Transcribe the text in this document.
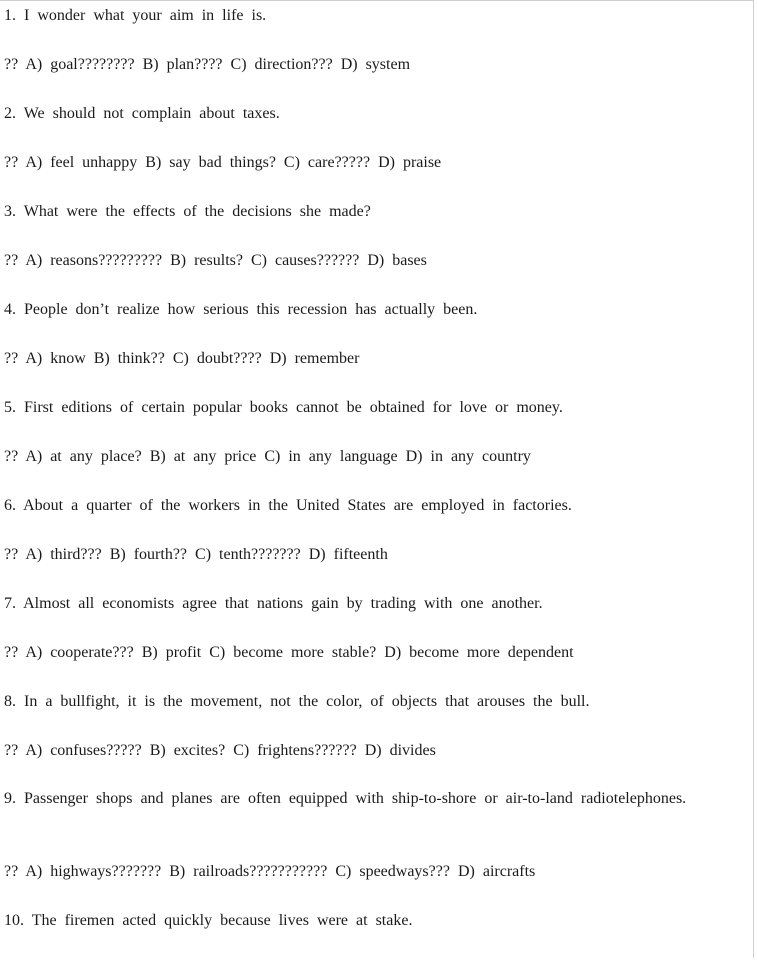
1. I wonder what your aim in life is.
?? A) goal???????? B) plan???? C) direction??? D) system
2. We should not complain about taxes.
?? A) feel unhappy B) say bad things? C) care????? D) praise
3. What were the effects of the decisions she made?
?? A) reasons????????? B) results? C) causes?????? D) bases
4. People don’t realize how serious this recession has actually been.
?? A) know B) think?? C) doubt???? D) remember
5. First editions of certain popular books cannot be obtained for love or money.
?? A) at any place? B) at any price C) in any language D) in any country
6. About a quarter of the workers in the United States are employed in factories.
?? A) third??? B) fourth?? C) tenth??????? D) fifteenth
7. Almost all economists agree that nations gain by trading with one another.
?? A) cooperate??? B) profit C) become more stable? D) become more dependent
8. In a bullfight, it is the movement, not the color, of objects that arouses the bull.
?? A) confuses????? B) excites? C) frightens?????? D) divides
9. Passenger shops and planes are often equipped with ship-to-shore or air-to-land radiotelephones.
?? A) highways??????? B) railroads??????????? C) speedways??? D) aircrafts
10. The firemen acted quickly because lives were at stake.
